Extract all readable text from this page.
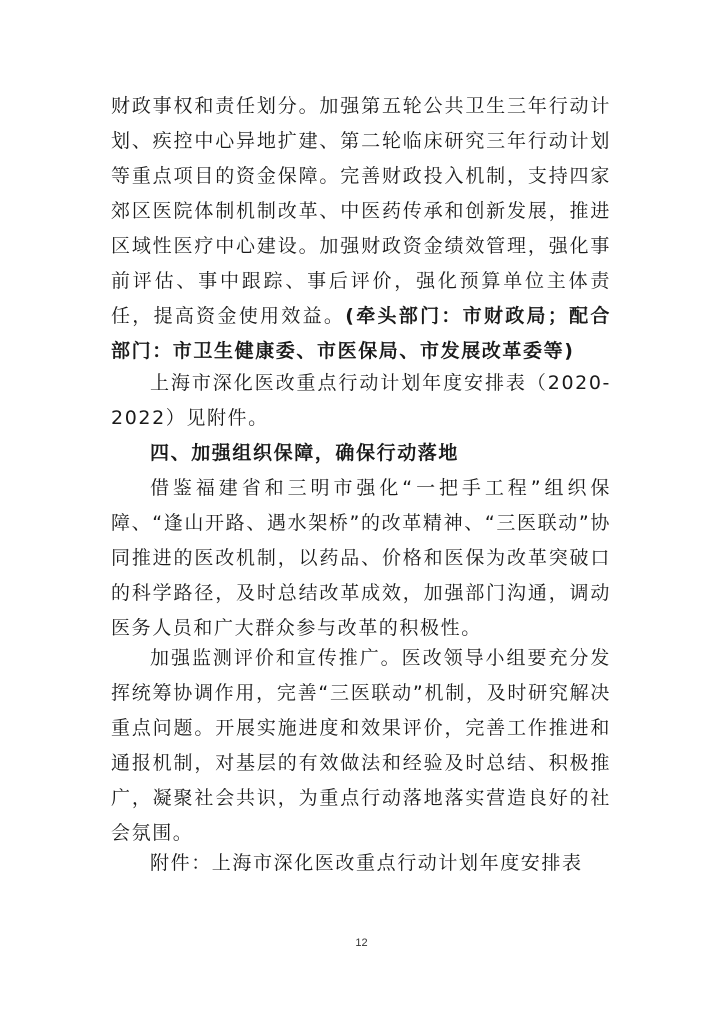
财政事权和责任划分。加强第五轮公共卫生三年行动计划、疾控中心异地扩建、第二轮临床研究三年行动计划等重点项目的资金保障。完善财政投入机制，支持四家郊区医院体制机制改革、中医药传承和创新发展，推进区域性医疗中心建设。加强财政资金绩效管理，强化事前评估、事中跟踪、事后评价，强化预算单位主体责任，提高资金使用效益。(牵头部门：市财政局；配合部门：市卫生健康委、市医保局、市发展改革委等)

上海市深化医改重点行动计划年度安排表（2020-2022）见附件。

四、加强组织保障，确保行动落地

借鉴福建省和三明市强化“一把手工程”组织保障、“逢山开路、遇水架桥”的改革精神、“三医联动”协同推进的医改机制，以药品、价格和医保为改革突破口的科学路径，及时总结改革成效，加强部门沟通，调动医务人员和广大群众参与改革的积极性。

加强监测评价和宣传推广。医改领导小组要充分发挥统筹协调作用，完善“三医联动”机制，及时研究解决重点问题。开展实施进度和效果评价，完善工作推进和通报机制，对基层的有效做法和经验及时总结、积极推广，凝聚社会共识，为重点行动落地落实营造良好的社会氛围。

附件：上海市深化医改重点行动计划年度安排表

12
